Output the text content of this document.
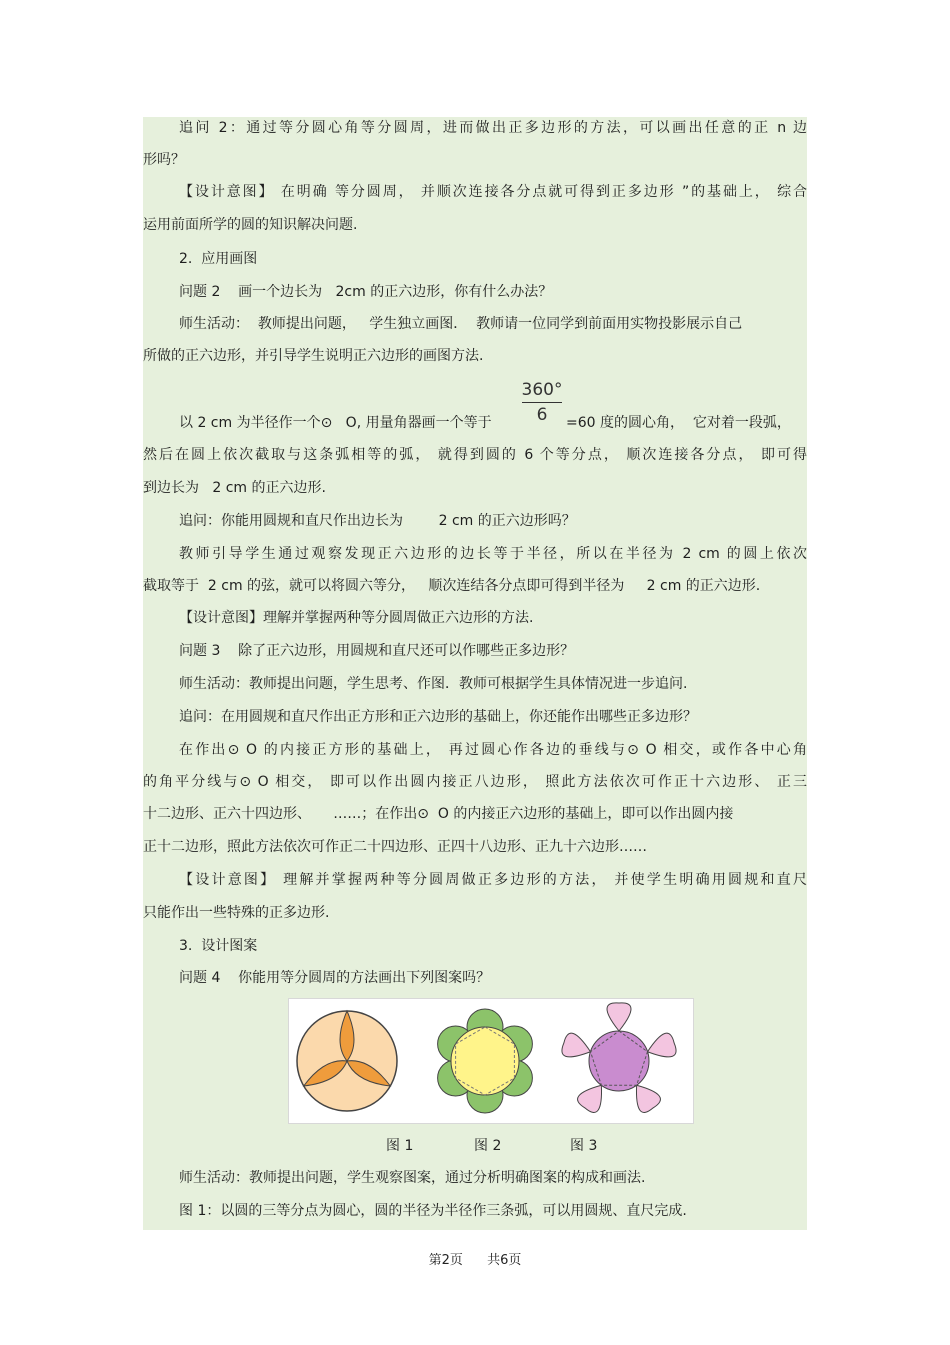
追问 2：通过等分圆心角等分圆周，进而做出正多边形的方法，可以画出任意的正 n 边
形吗？
【设计意图】 在明确 等分圆周， 并顺次连接各分点就可得到正多边形 ”的基础上， 综合
运用前面所学的圆的知识解决问题.
2.  应用画图
问题 2    画一个边长为   2cm 的正六边形，你有什么办法？
师生活动：  教师提出问题，   学生独立画图．  教师请一位同学到前面用实物投影展示自己
所做的正六边形，并引导学生说明正六边形的画图方法.
以 2 cm 为半径作一个⊙   O, 用量角器画一个等于
360°
6	=60 度的圆心角，  它对着一段弧，
然后在圆上依次截取与这条弧相等的弧， 就得到圆的 6 个等分点， 顺次连接各分点， 即可得
到边长为   2 cm 的正六边形.
追问：你能用圆规和直尺作出边长为        2 cm 的正六边形吗？
教师引导学生通过观察发现正六边形的边长等于半径，所以在半径为 2 cm 的圆上依次
截取等于  2 cm 的弦，就可以将圆六等分，   顺次连结各分点即可得到半径为     2 cm 的正六边形.
【设计意图】理解并掌握两种等分圆周做正六边形的方法.
问题 3    除了正六边形，用圆规和直尺还可以作哪些正多边形？
师生活动：教师提出问题，学生思考、作图．教师可根据学生具体情况进一步追问.
追问：在用圆规和直尺作出正方形和正六边形的基础上，你还能作出哪些正多边形？
在作出⊙ O 的内接正方形的基础上， 再过圆心作各边的垂线与⊙ O 相交，或作各中心角
的角平分线与⊙ O 相交， 即可以作出圆内接正八边形， 照此方法依次可作正十六边形、 正三
十二边形、正六十四边形、     ……；在作出⊙  O 的内接正六边形的基础上，即可以作出圆内接
正十二边形，照此方法依次可作正二十四边形、正四十八边形、正九十六边形……
【设计意图】 理解并掌握两种等分圆周做正多边形的方法， 并使学生明确用圆规和直尺
只能作出一些特殊的正多边形.
3.  设计图案
问题 4    你能用等分圆周的方法画出下列图案吗？
图 1	图 2	图 3
师生活动：教师提出问题，学生观察图案，通过分析明确图案的构成和画法.
图 1：以圆的三等分点为圆心，圆的半径为半径作三条弧，可以用圆规、直尺完成.
第2页 共6页
